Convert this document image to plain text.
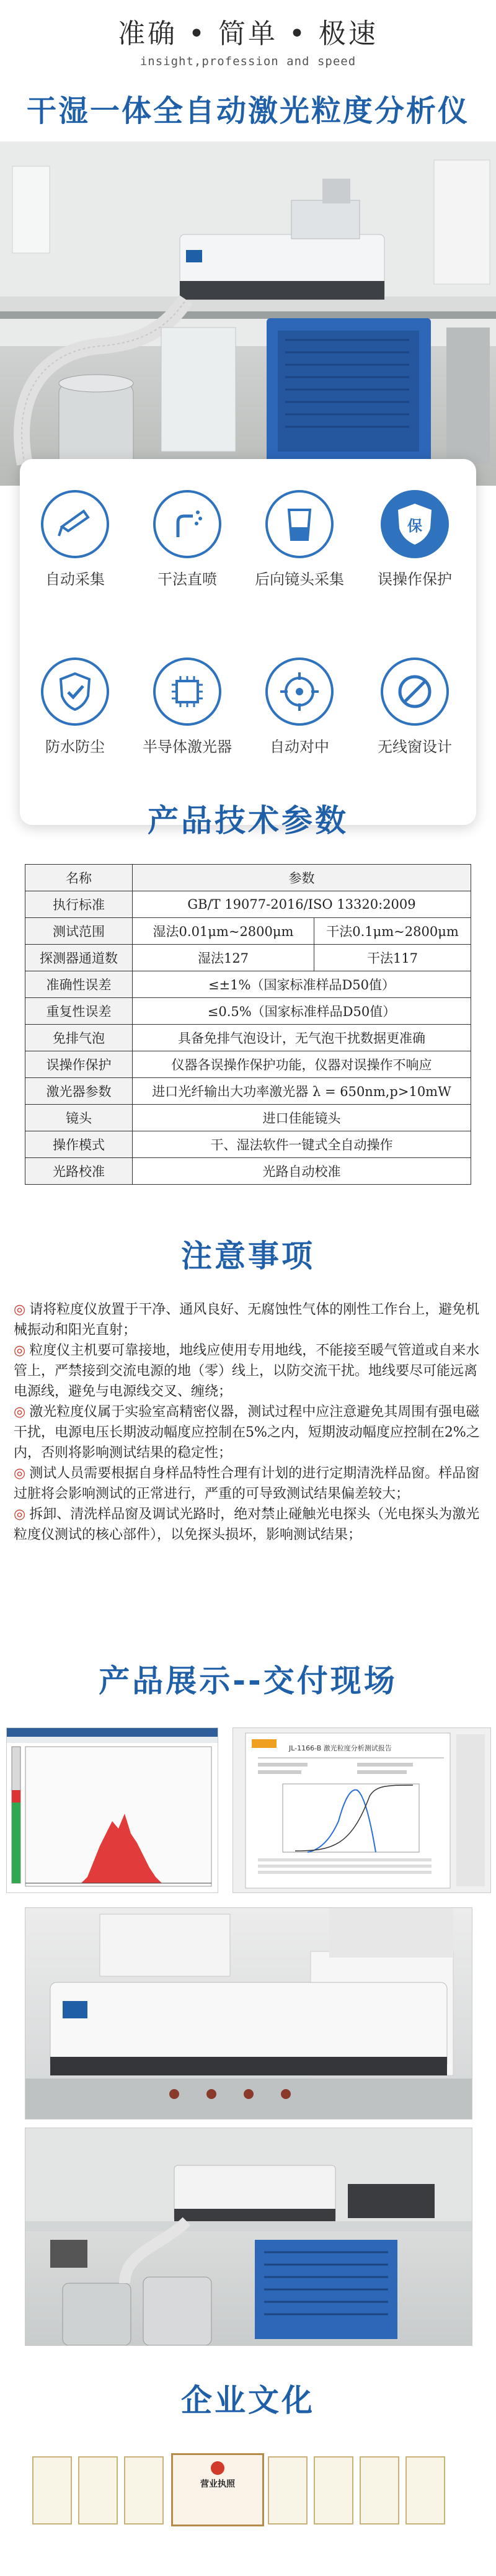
准确 • 简单 • 极速
insight,profession and speed
干湿一体全自动激光粒度分析仪
自动采集	干法直喷	后向镜头采集
保
误操作保护
防水防尘	半导体激光器	自动对中	无线窗设计
产品技术参数
名称	参数	
执行标准	GB/T 19077-2016/ISO 13320:2009	
测试范围	湿法0.01μm~2800μm	干法0.1μm~2800μm
探测器通道数	湿法127	干法117
准确性误差	≤±1%（国家标准样品D50值）	
重复性误差	≤0.5%（国家标准样品D50值）	
免排气泡	具备免排气泡设计，无气泡干扰数据更准确	
误操作保护	仪器各误操作保护功能，仪器对误操作不响应	
激光器参数	进口光纤输出大功率激光器 λ = 650nm,p>10mW	
镜头	进口佳能镜头	
操作模式	干、湿法软件一键式全自动操作	
光路校准	光路自动校准	
注意事项

◎ 请将粒度仪放置于干净、通风良好、无腐蚀性气体的刚性工作台上，避免机械振动和阳光直射；

◎ 粒度仪主机要可靠接地，地线应使用专用地线，不能接至暖气管道或自来水管上，严禁接到交流电源的地（零）线上，以防交流干扰。地线要尽可能远离电源线，避免与电源线交叉、缠绕；

◎ 激光粒度仪属于实验室高精密仪器，测试过程中应注意避免其周围有强电磁干扰，电源电压长期波动幅度应控制在5%之内，短期波动幅度应控制在2%之内，否则将影响测试结果的稳定性；

◎ 测试人员需要根据自身样品特性合理有计划的进行定期清洗样品窗。样品窗过脏将会影响测试的正常进行，严重的可导致测试结果偏差较大；

◎ 拆卸、清洗样品窗及调试光路时，绝对禁止碰触光电探头（光电探头为激光粒度仪测试的核心部件），以免探头损坏，影响测试结果；

产品展示--交付现场
JL-1166-B 激光粒度分析测试报告
企业文化
营业执照
